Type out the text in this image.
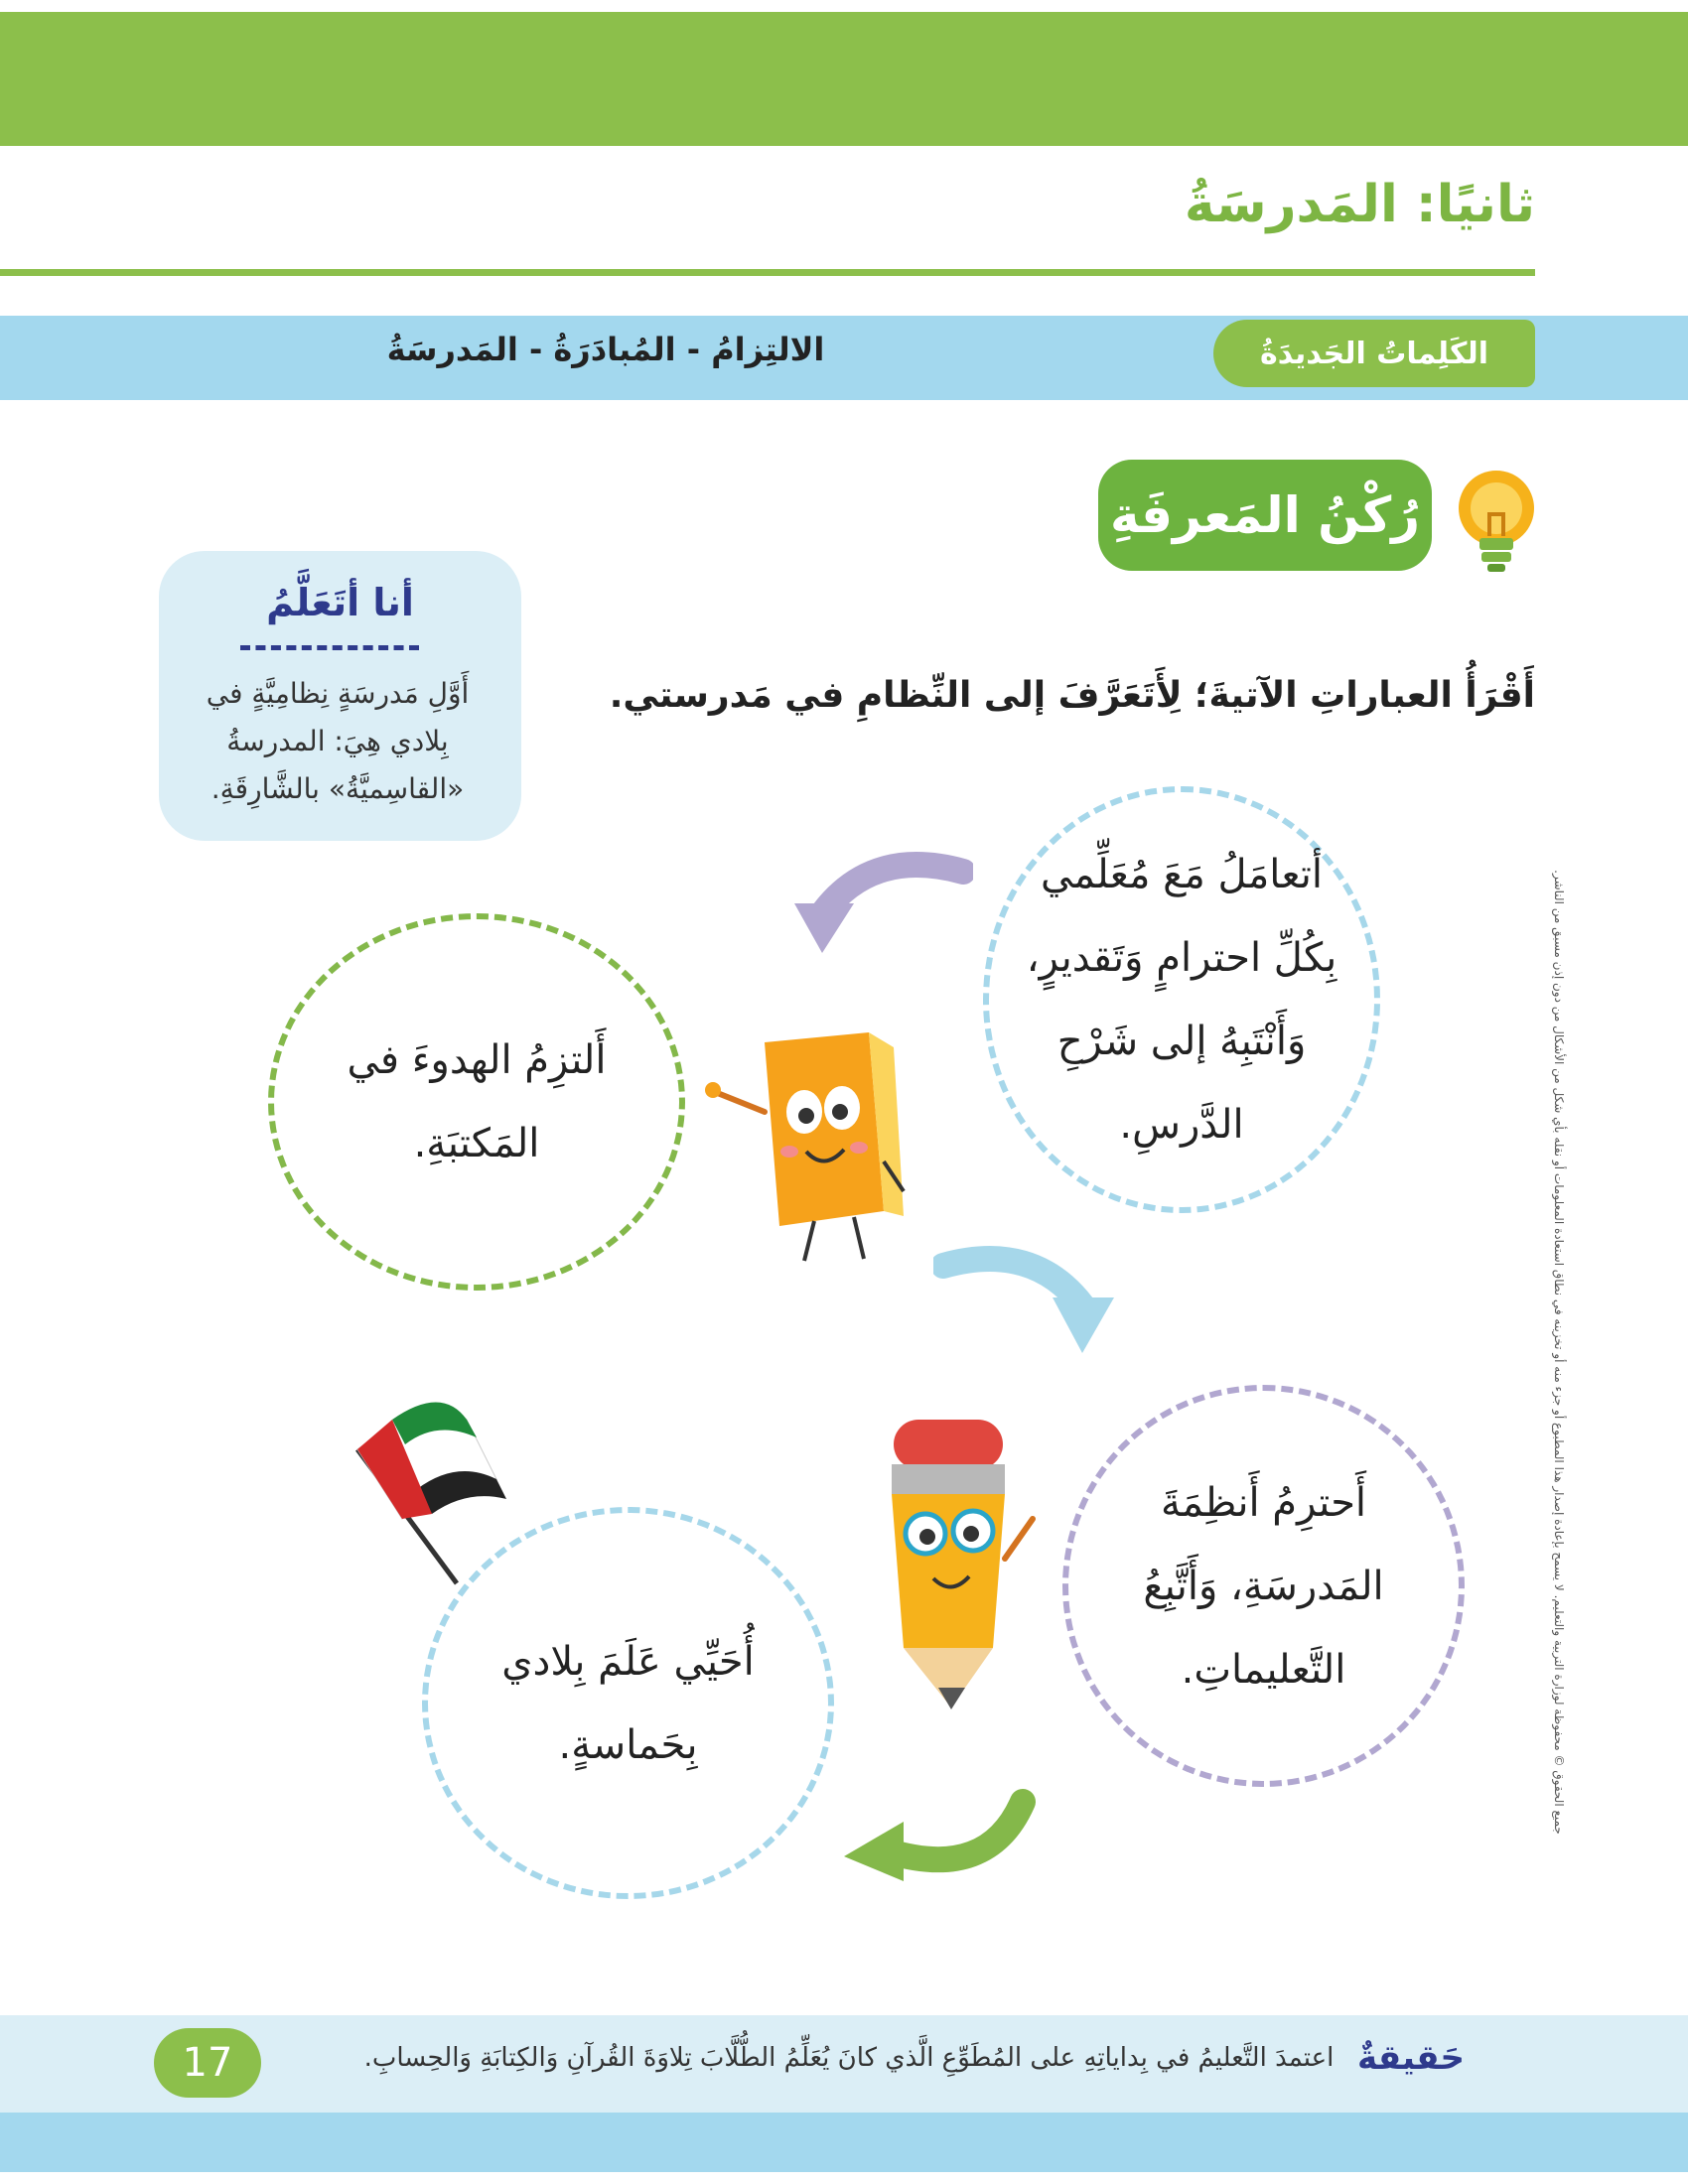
ثانيًا: المَدرسَةُ
الكَلِماتُ الجَديدَةُ
الالتِزامُ - المُبادَرَةُ - المَدرسَةُ
رُكْنُ المَعرفَةِ
أنا أتَعَلَّمُ
أَوَّلِ مَدرسَةٍ نِظامِيَّةٍ في بِلادي هِيَ: المدرسةُ «القاسِميَّةُ» بالشَّارِقَةِ.
أَقْرَأُ العباراتِ الآتيةَ؛ لِأَتَعَرَّفَ إلى النِّظامِ في مَدرستي.
أتعامَلُ مَعَ مُعَلِّمي بِكُلِّ احترامٍ وَتَقديرٍ، وَأَنْتَبِهُ إلى شَرْحِ الدَّرسِ.
أَلتزِمُ الهدوءَ في المَكتبَةِ.
أَحترِمُ أَنظِمَةَ المَدرسَةِ، وَأَتَّبِعُ التَّعليماتِ.
أُحَيِّي عَلَمَ بِلادي بِحَماسةٍ.	جميع الحقوق © محفوظة لوزارة التربية والتعليم. لا يسمح بإعادة إصدار هذا المطبوع أو جزء منه أو تخزينه في نطاق استعادة المعلومات أو نقله بأي شكل من الأشكال من دون إذن مسبق من الناشر.
حَقيقةٌ
اعتمدَ التَّعليمُ في بِداياتِهِ على المُطَوِّعِ الَّذي كانَ يُعَلِّمُ الطُّلَّابَ تِلاوَةَ القُرآنِ وَالكِتابَةِ وَالحِسابِ.
17
